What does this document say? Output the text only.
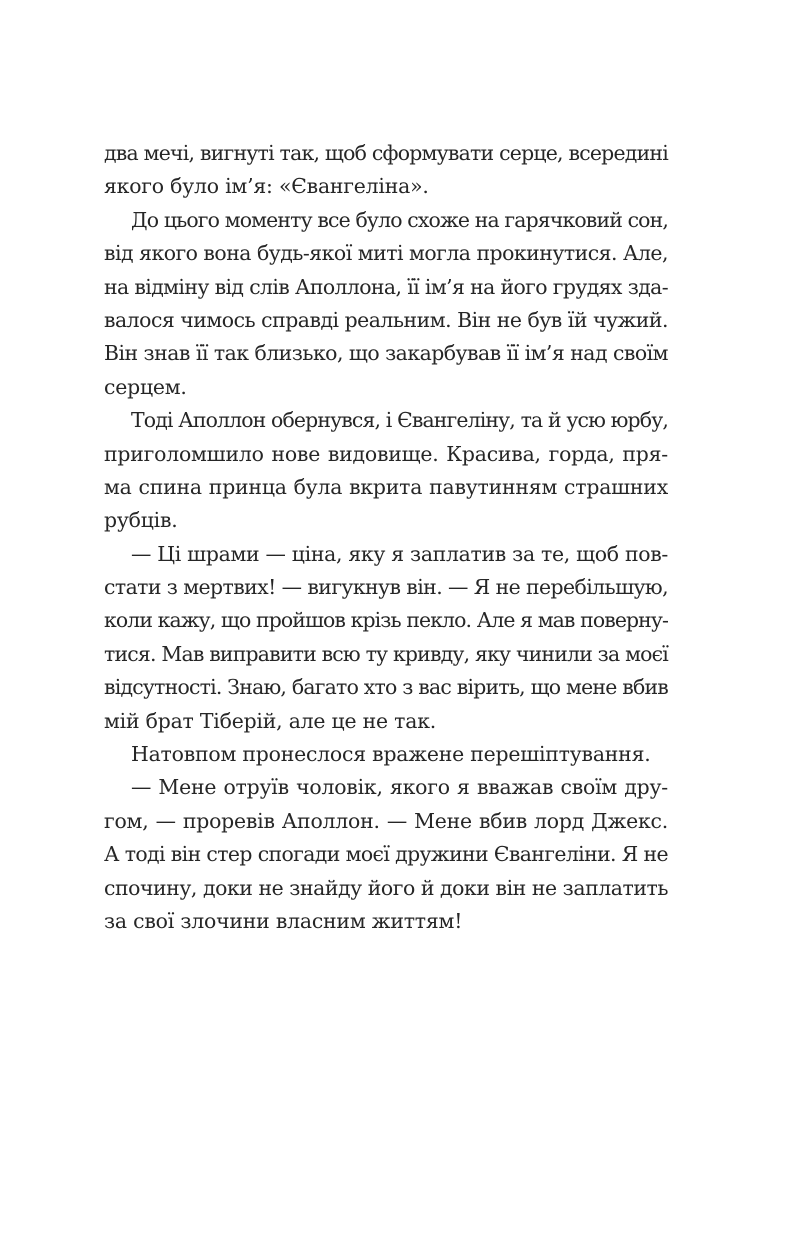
два мечі, вигнуті так, щоб сформувати серце, всередині
якого було ім’я: «Євангеліна».
До цього моменту все було схоже на гарячковий сон,
від якого вона будь-якої миті могла прокинутися. Але,
на відміну від слів Аполлона, її ім’я на його грудях зда-
валося чимось справді реальним. Він не був їй чужий.
Він знав її так близько, що закарбував її ім’я над своїм
серцем.
Тоді Аполлон обернувся, і Євангеліну, та й усю юрбу,
приголомшило нове видовище. Красива, горда, пря-
ма спина принца була вкрита павутинням страшних
рубців.
— Ці шрами — ціна, яку я заплатив за те, щоб пов-
стати з мертвих! — вигукнув він. — Я не перебільшую,
коли кажу, що пройшов крізь пекло. Але я мав поверну-
тися. Мав виправити всю ту кривду, яку чинили за моєї
відсутності. Знаю, багато хто з вас вірить, що мене вбив
мій брат Тіберій, але це не так.
Натовпом пронеслося вражене перешіптування.
— Мене отруїв чоловік, якого я вважав своїм дру-
гом, — проревів Аполлон. — Мене вбив лорд Джекс.
А тоді він стер спогади моєї дружини Євангеліни. Я не
спочину, доки не знайду його й доки він не заплатить
за свої злочини власним життям!
